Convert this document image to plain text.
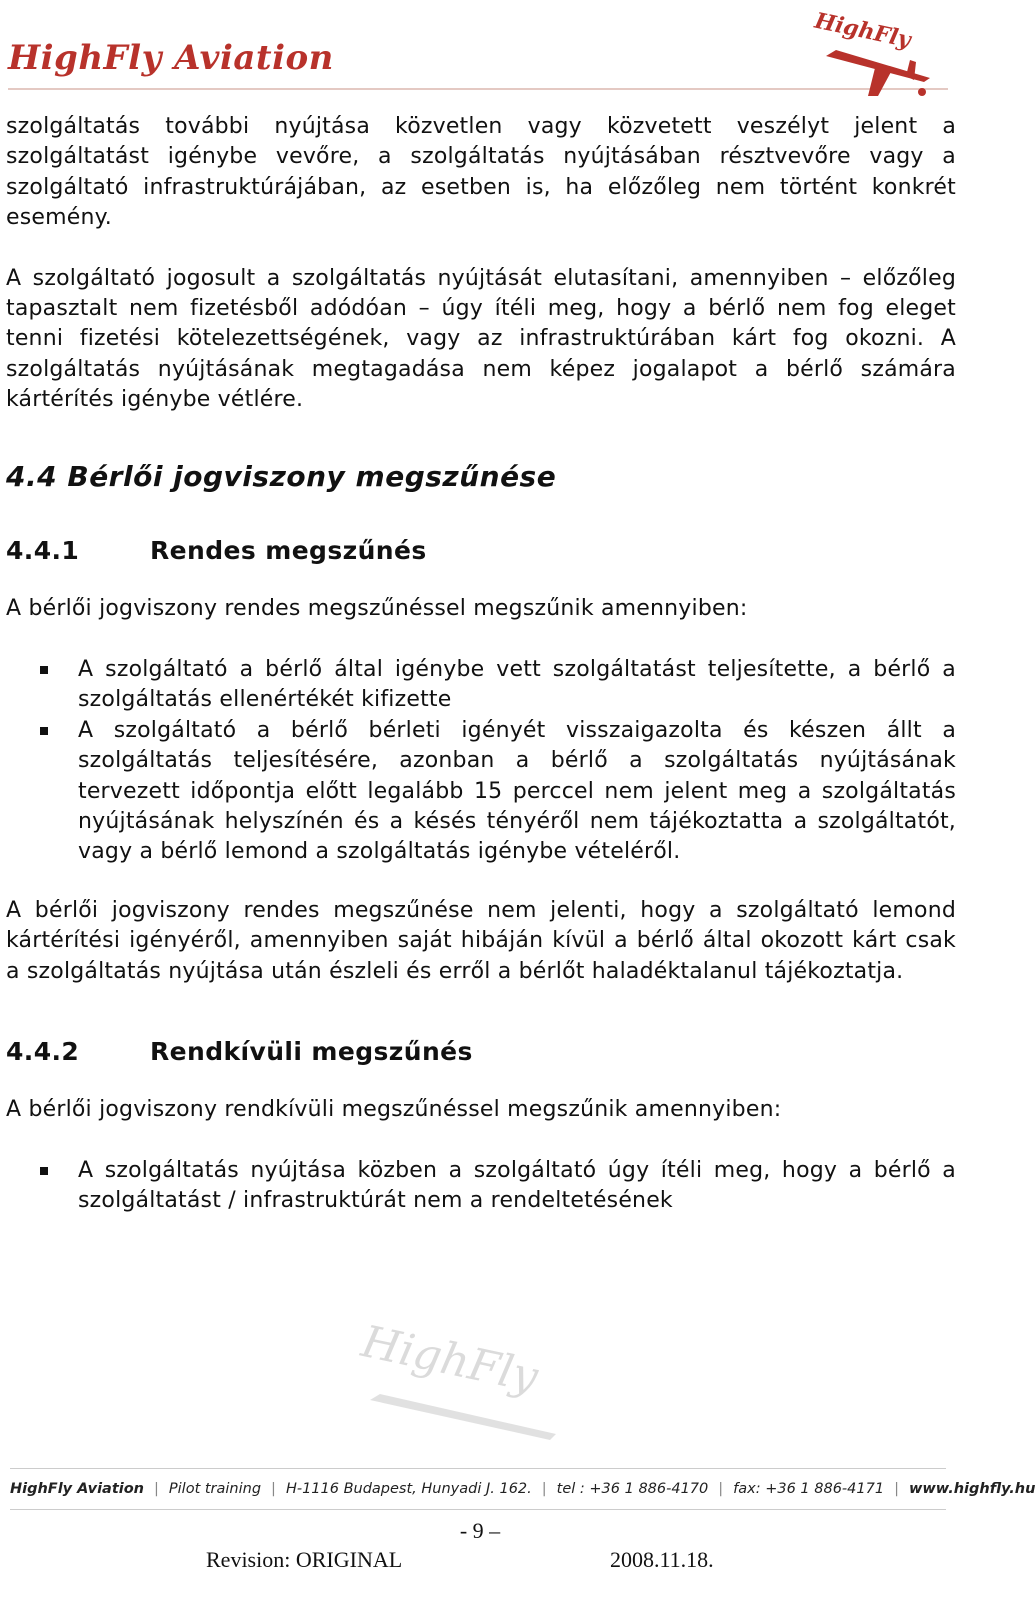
HighFly Aviation
HighFly

szolgáltatás további nyújtása közvetlen vagy közvetett veszélyt jelent a szolgáltatást igénybe vevőre, a szolgáltatás nyújtásában résztvevőre vagy a szolgáltató infrastruktúrájában, az esetben is, ha előzőleg nem történt konkrét esemény.

A szolgáltató jogosult a szolgáltatás nyújtását elutasítani, amennyiben – előzőleg tapasztalt nem fizetésből adódóan – úgy ítéli meg, hogy a bérlő nem fog eleget tenni fizetési kötelezettségének, vagy az infrastruktúrában kárt fog okozni. A szolgáltatás nyújtásának megtagadása nem képez jogalapot a bérlő számára kártérítés igénybe vétlére.

4.4 Bérlői jogviszony megszűnése
4.4.1	Rendes megszűnés

A bérlői jogviszony rendes megszűnéssel megszűnik amennyiben:

A szolgáltató a bérlő által igénybe vett szolgáltatást teljesítette, a bérlő a szolgáltatás ellenértékét kifizette
A szolgáltató a bérlő bérleti igényét visszaigazolta és készen állt a szolgáltatás teljesítésére, azonban a bérlő a szolgáltatás nyújtásának tervezett időpontja előtt legalább 15 perccel nem jelent meg a szolgáltatás nyújtásának helyszínén és a késés tényéről nem tájékoztatta a szolgáltatót, vagy a bérlő lemond a szolgáltatás igénybe vételéről.

A bérlői jogviszony rendes megszűnése nem jelenti, hogy a szolgáltató lemond kártérítési igényéről, amennyiben saját hibáján kívül a bérlő által okozott kárt csak a szolgáltatás nyújtása után észleli és erről a bérlőt haladéktalanul tájékoztatja.

4.4.2	Rendkívüli megszűnés

A bérlői jogviszony rendkívüli megszűnéssel megszűnik amennyiben:

A szolgáltatás nyújtása közben a szolgáltató úgy ítéli meg, hogy a bérlő a szolgáltatást / infrastruktúrát nem a rendeltetésének
HighFly
HighFly Aviation | Pilot training | H-1116 Budapest, Hunyadi J. 162. | tel : +36 1 886-4170 | fax: +36 1 886-4171 | www.highfly.hu
- 9 –
Revision: ORIGINAL	2008.11.18.
